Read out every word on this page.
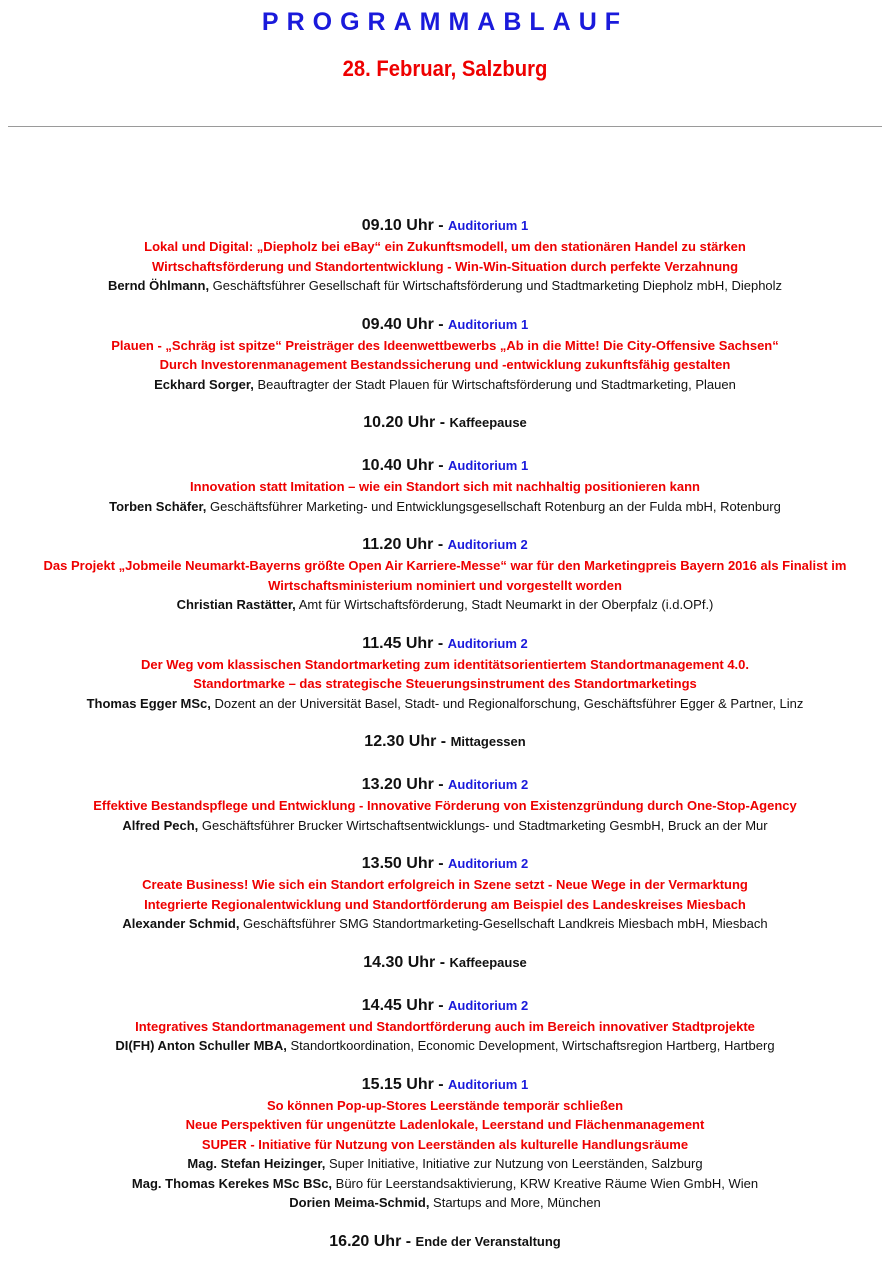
PROGRAMMABLAUF
28. Februar, Salzburg
09.10 Uhr - Auditorium 1
Lokal und Digital: „Diepholz bei eBay“ ein Zukunftsmodell, um den stationären Handel zu stärken
Wirtschaftsförderung und Standortentwicklung - Win-Win-Situation durch perfekte Verzahnung
Bernd Öhlmann, Geschäftsführer Gesellschaft für Wirtschaftsförderung und Stadtmarketing Diepholz mbH, Diepholz
09.40 Uhr - Auditorium 1
Plauen - „Schräg ist spitze“ Preisträger des Ideenwettbewerbs „Ab in die Mitte! Die City-Offensive Sachsen“
Durch Investorenmanagement Bestandssicherung und -entwicklung zukunftsfähig gestalten
Eckhard Sorger, Beauftragter der Stadt Plauen für Wirtschaftsförderung und Stadtmarketing, Plauen
10.20 Uhr - Kaffeepause
10.40 Uhr - Auditorium 1
Innovation statt Imitation – wie ein Standort sich mit nachhaltig positionieren kann
Torben Schäfer, Geschäftsführer Marketing- und Entwicklungsgesellschaft Rotenburg an der Fulda mbH, Rotenburg
11.20 Uhr - Auditorium 2
Das Projekt „Jobmeile Neumarkt-Bayerns größte Open Air Karriere-Messe“ war für den Marketingpreis Bayern 2016 als Finalist im Wirtschaftsministerium nominiert und vorgestellt worden
Christian Rastätter, Amt für Wirtschaftsförderung, Stadt Neumarkt in der Oberpfalz (i.d.OPf.)
11.45 Uhr - Auditorium 2
Der Weg vom klassischen Standortmarketing zum identitätsorientiertem Standortmanagement 4.0.
Standortmarke – das strategische Steuerungsinstrument des Standortmarketings
Thomas Egger MSc, Dozent an der Universität Basel, Stadt- und Regionalforschung, Geschäftsführer Egger & Partner, Linz
12.30 Uhr - Mittagessen
13.20 Uhr - Auditorium 2
Effektive Bestandspflege und Entwicklung - Innovative Förderung von Existenzgründung durch One-Stop-Agency
Alfred Pech, Geschäftsführer Brucker Wirtschaftsentwicklungs- und Stadtmarketing GesmbH, Bruck an der Mur
13.50 Uhr - Auditorium 2
Create Business! Wie sich ein Standort erfolgreich in Szene setzt - Neue Wege in der Vermarktung
Integrierte Regionalentwicklung und Standortförderung am Beispiel des Landeskreises Miesbach
Alexander Schmid, Geschäftsführer SMG Standortmarketing-Gesellschaft Landkreis Miesbach mbH, Miesbach
14.30 Uhr - Kaffeepause
14.45 Uhr - Auditorium 2
Integratives Standortmanagement und Standortförderung auch im Bereich innovativer Stadtprojekte
DI(FH) Anton Schuller MBA, Standortkoordination, Economic Development, Wirtschaftsregion Hartberg, Hartberg
15.15 Uhr - Auditorium 1
So können Pop-up-Stores Leerstände temporär schließen
Neue Perspektiven für ungenützte Ladenlokale, Leerstand und Flächenmanagement
SUPER - Initiative für Nutzung von Leerständen als kulturelle Handlungsräume
Mag. Stefan Heizinger, Super Initiative, Initiative zur Nutzung von Leerständen, Salzburg
Mag. Thomas Kerekes MSc BSc, Büro für Leerstandsaktivierung, KRW Kreative Räume Wien GmbH, Wien
Dorien Meima-Schmid, Startups and More, München
16.20 Uhr - Ende der Veranstaltung
